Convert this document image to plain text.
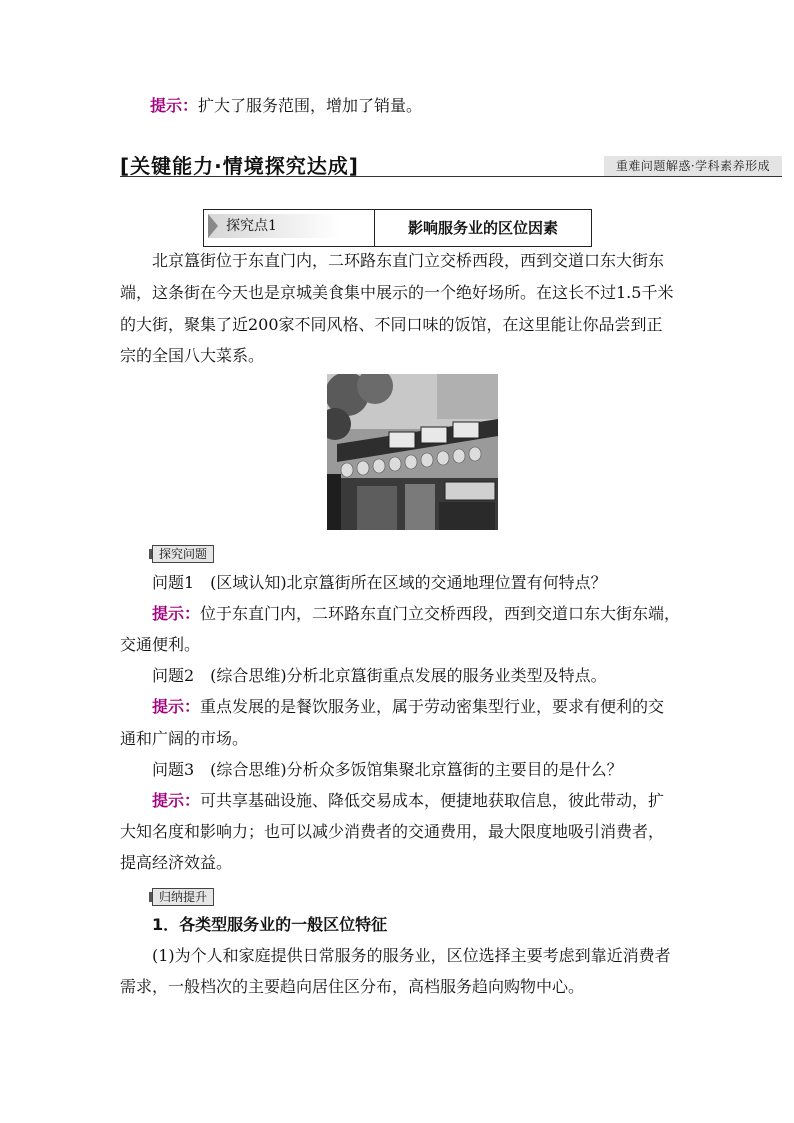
提示：扩大了服务范围，增加了销量。
[关键能力·情境探究达成]	重难问题解惑·学科素养形成
探究点1	影响服务业的区位因素
北京簋街位于东直门内，二环路东直门立交桥西段，西到交道口东大街东
端，这条街在今天也是京城美食集中展示的一个绝好场所。在这长不过1.5千米
的大街，聚集了近200家不同风格、不同口味的饭馆，在这里能让你品尝到正
宗的全国八大菜系。
探究问题
问题1　(区域认知)北京簋街所在区域的交通地理位置有何特点？
提示：位于东直门内，二环路东直门立交桥西段，西到交道口东大街东端，
交通便利。
问题2　(综合思维)分析北京簋街重点发展的服务业类型及特点。
提示：重点发展的是餐饮服务业，属于劳动密集型行业，要求有便利的交
通和广阔的市场。
问题3　(综合思维)分析众多饭馆集聚北京簋街的主要目的是什么？
提示：可共享基础设施、降低交易成本，便捷地获取信息，彼此带动，扩
大知名度和影响力；也可以减少消费者的交通费用，最大限度地吸引消费者，
提高经济效益。
归纳提升
1．各类型服务业的一般区位特征
(1)为个人和家庭提供日常服务的服务业，区位选择主要考虑到靠近消费者
需求，一般档次的主要趋向居住区分布，高档服务趋向购物中心。
